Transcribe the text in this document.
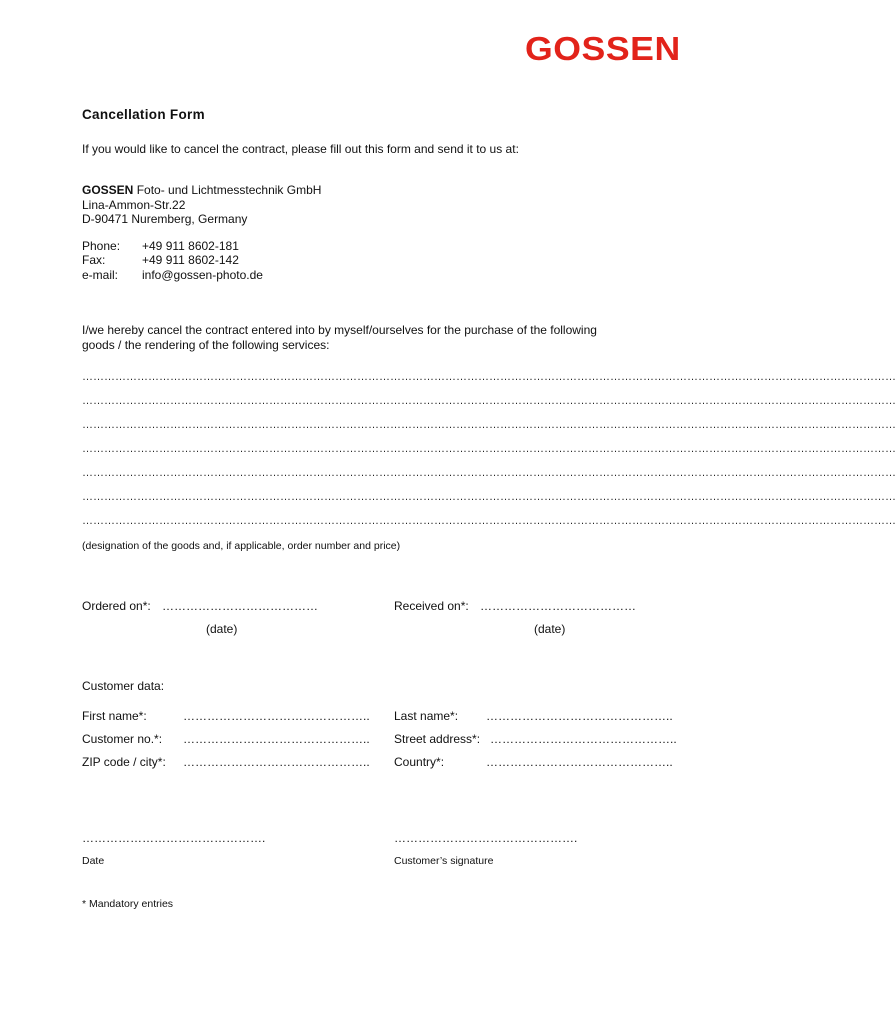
GOSSEN
Cancellation Form
If you would like to cancel the contract, please fill out this form and send it to us at:
GOSSEN Foto- und Lichtmesstechnik GmbH
Lina-Ammon-Str.22
D-90471 Nuremberg, Germany
Phone: +49 911 8602-181
Fax:	+49 911 8602-142
e-mail: info@gossen-photo.de
I/we hereby cancel the contract entered into by myself/ourselves for the purchase of the following
goods / the rendering of the following services:
……………………………………………………………………………………………………………………………………………………………………………………………………
……………………………………………………………………………………………………………………………………………………………………………………………………
……………………………………………………………………………………………………………………………………………………………………………………………………
……………………………………………………………………………………………………………………………………………………………………………………………………
……………………………………………………………………………………………………………………………………………………………………………………………………
……………………………………………………………………………………………………………………………………………………………………………………………………
……………………………………………………………………………………………………………………………………………………………………………………………………
(designation of the goods and, if applicable, order number and price)
Ordered on*: …………………………………
(date)
Received on*: …………………………………
(date)
Customer data:
First name*:	………………………………………..
Customer no.*: ………………………………………..
ZIP code / city*: ………………………………………..
Last name*: ………………………………………..
Street address*: ………………………………………..
Country*:	………………………………………..
……………………………………….
Date
……………………………………….
Customer’s signature
* Mandatory entries
